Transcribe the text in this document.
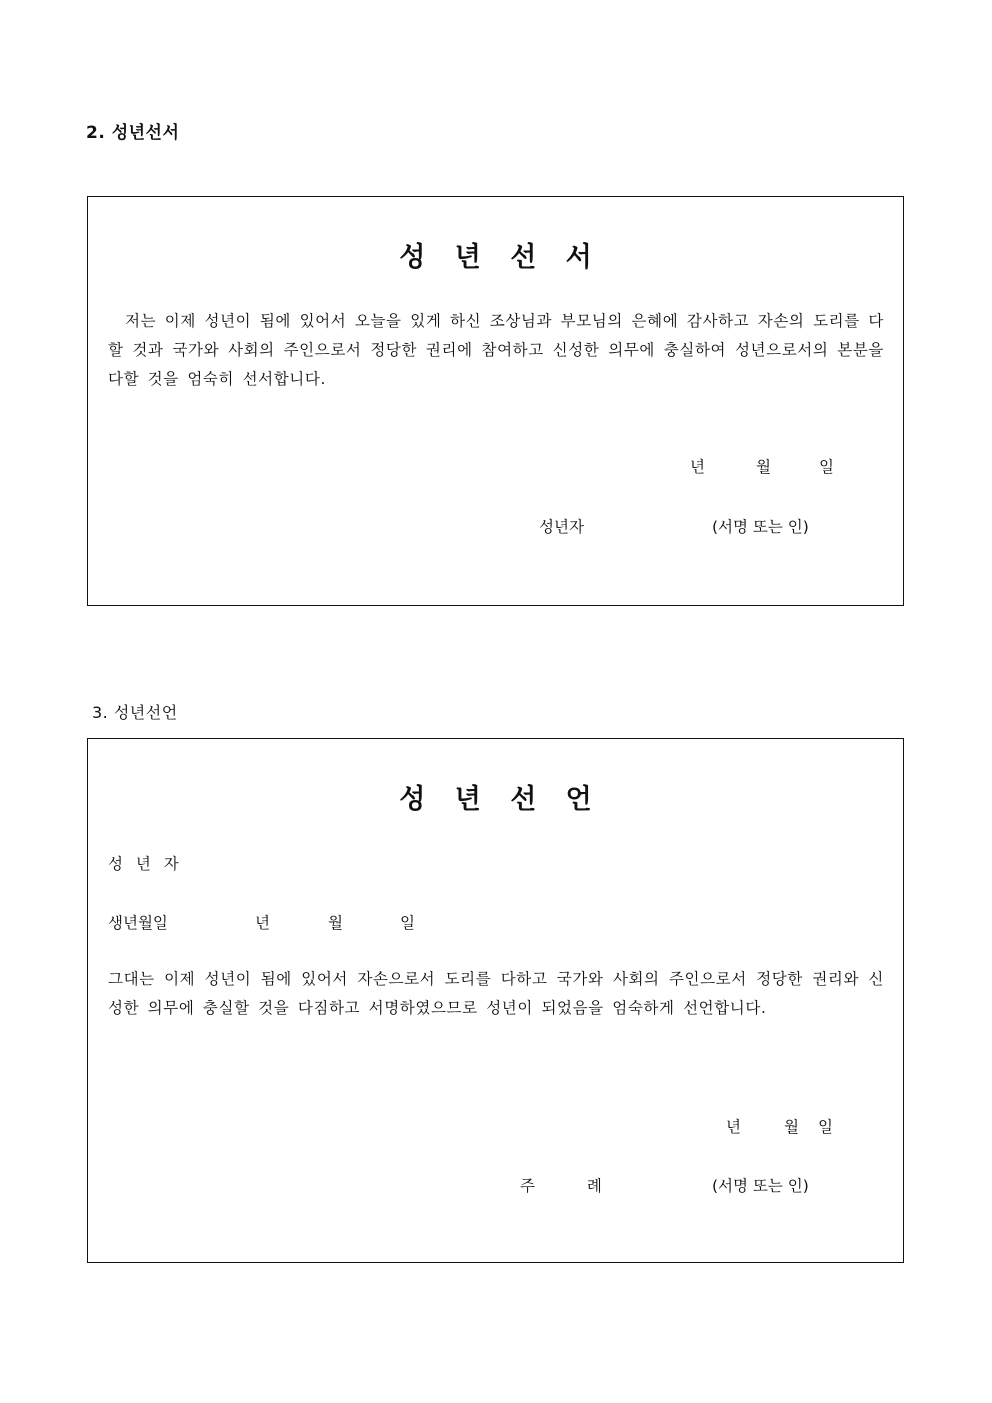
2. 성년선서
성 년 선 서
저는 이제 성년이 됨에 있어서 오늘을 있게 하신 조상님과 부모님의 은혜에 감사하고 자손의 도리를 다할 것과 국가와 사회의 주인으로서 정당한 권리에 참여하고 신성한 의무에 충실하여 성년으로서의 본분을 다할 것을 엄숙히 선서합니다.
년	월	일
성년자	(서명 또는 인)
3. 성년선언
성 년 선 언
성 년 자
생년월일	년	월	일
그대는 이제 성년이 됨에 있어서 자손으로서 도리를 다하고 국가와 사회의 주인으로서 정당한 권리와 신성한 의무에 충실할 것을 다짐하고 서명하였으므로 성년이 되었음을 엄숙하게 선언합니다.
년	월 일
주  례	(서명 또는 인)
